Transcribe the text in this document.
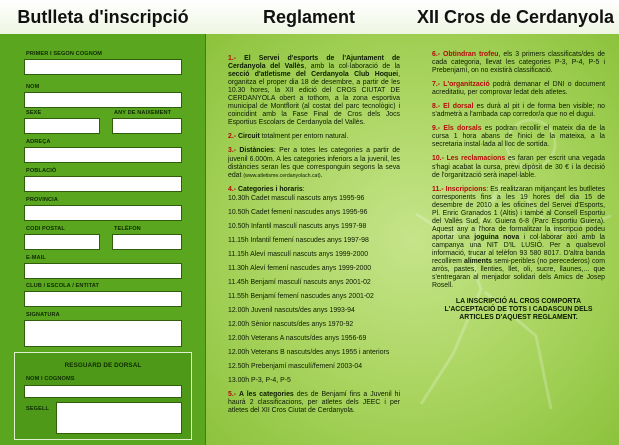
Butlleta d'inscripció	Reglament	XII Cros de Cerdanyola
PRIMER I SEGON COGNOM
NOM
SEXE	ANY DE NAIXEMENT
ADREÇA
POBLACIÓ
PROVINCIA
CODI POSTAL	TELÈFON
E-MAIL
CLUB / ESCOLA / ENTITAT
SIGNATURA
RESGUARD DE DORSAL
NOM I COGNOMS
SEGELL

1.- El Servei d'esports de l'Ajuntament de Cerdanyola del Vallès, amb la col·laboració de la secció d'atletisme del Cerdanyola Club Hoquei, organitza el proper dia 18 de desembre, a partir de les 10.30 hores, la XII edició del CROS CIUTAT DE CERDANYOLA obert a tothom, a la zona esportiva municipal de Montflorit (al costat del parc tecnològic) i coincidint amb la Fase Final de Cros dels Jocs Esportius Escolars de Cerdanyola del Vallès.

2.- Circuit totalment per entorn natural.

3.- Distàncies: Per a totes les categories a partir de juvenil 6.000m. A les categories inferiors a la juvenil, les distàncies seran les que corresponguin segons la seva edat (www.atletisme.cerdanyolach.cat).

4.- Categories i horaris:

10.30h Cadet masculí nascuts anys 1995-96

10.50h Cadet femení nascudes anys 1995-96

10.50h Infantil masculí nascuts anys 1997-98

11.15h Infantil femení nascudes anys 1997-98

11.15h Aleví masculí nascuts anys 1999-2000

11.30h Aleví femení nascudes anys 1999-2000

11.45h Benjamí masculí nascuts anys 2001-02

11.55h Benjamí femení nascudes anys 2001-02

12.00h Juvenil nascuts/des anys 1993-94

12.00h Sènior nascuts/des anys 1970-92

12.00h Veterans A nascuts/des anys 1956-69

12.00h Veterans B nascuts/des anys 1955 i anteriors

12.50h Prebenjamí masculí/femení 2003-04

13.00h P-3, P-4, P-5

5.- A les categories des de Benjamí fins a Juvenil hi haurà 2 classificacions, per atletes dels JEEC i per atletes del XII Cros Ciutat de Cerdanyola.

6.- Obtindran trofeu, els 3 primers classificats/des de cada categoria, llevat les categories P-3, P-4, P-5 i Prebenjamí, on no existirà classificació.

7.- L'organització podrà demanar el DNI o document acreditatiu, per comprovar ledat dels atletes.

8.- El dorsal es durà al pit i de forma ben visible; no s'admetrà a l'arribada cap corredor/a que no el dugui.

9.- Els dorsals es podran recollir el mateix dia de la cursa 1 hora abans de l'inici de la mateixa, a la secretaria instal·lada al lloc de sortida.

10.- Les reclamacions es faran per escrit una vegada s'hagi acabat la cursa, previ dipòsit de 30 € i la decisió de l'organització serà inapel·lable.

11.- Inscripcions: Es realitzaran mitjançant les butlletes corresponents fins a les 19 hores del dia 15 de desembre de 2010 a les oficines del Servei d'Esports, Pl. Enric Granados 1 (Altis) i també al Consell Esportiu del Vallès Sud, Av. Guiera 6-8 (Parc Esportiu Guiera). Aquest any a l'hora de formalitzar la inscripció podeu aportar una joguina nova i col·laborar així amb la campanya una NIT D'IL LUSIÓ. Per a qualsevol informació, trucar al telèfon 93 580 8017. D'altra banda recollirem aliments semi-peribles (no perecederos) com arròs, pastes, llenties, llet, oli, sucre, llaunes,... que s'entregaran al menjador solidari dels Amics de Josep Rosell.

LA INSCRIPCIÓ AL CROS COMPORTA L'ACCEPTACIÓ DE TOTS I CADASCUN DELS ARTICLES D'AQUEST REGLAMENT.
